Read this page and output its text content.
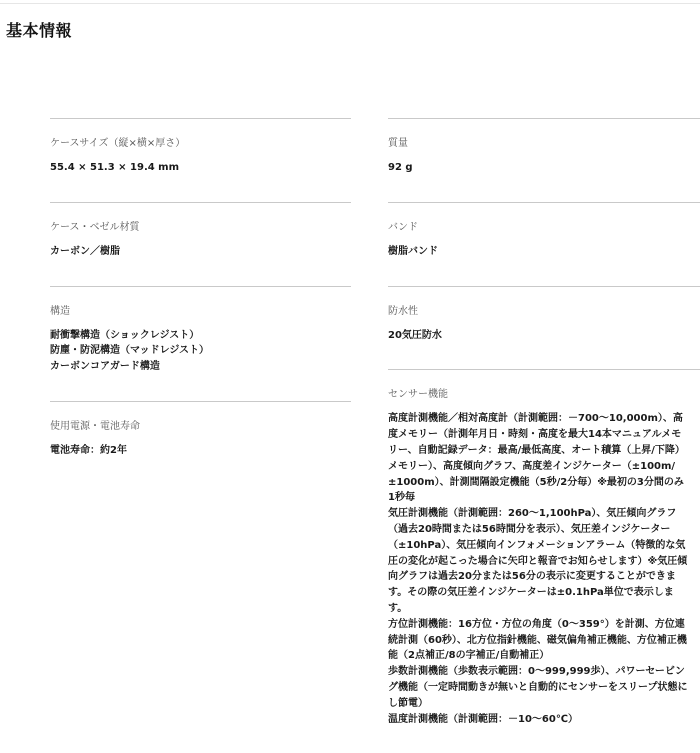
基本情報
ケースサイズ（縦×横×厚さ）
55.4 × 51.3 × 19.4 mm
ケース・ベゼル材質
カーボン／樹脂
構造
耐衝撃構造（ショックレジスト）
防塵・防泥構造（マッドレジスト）
カーボンコアガード構造
使用電源・電池寿命
電池寿命：約2年
質量
92 g
バンド
樹脂バンド
防水性
20気圧防水
センサー機能
高度計測機能／相対高度計（計測範囲：－700～10,000m）、高度メモリー（計測年月日・時刻・高度を最大14本マニュアルメモリー、自動記録データ：最高/最低高度、オート積算（上昇/下降）メモリー）、高度傾向グラフ、高度差インジケーター（±100m/±1000m）、計測間隔設定機能（5秒/2分毎）※最初の3分間のみ1秒毎
気圧計測機能（計測範囲：260～1,100hPa）、気圧傾向グラフ（過去20時間または56時間分を表示）、気圧差インジケーター（±10hPa）、気圧傾向インフォメーションアラーム（特徴的な気圧の変化が起こった場合に矢印と報音でお知らせします）※気圧傾向グラフは過去20分または56分の表示に変更することができます。その際の気圧差インジケーターは±0.1hPa単位で表示します。
方位計測機能：16方位・方位の角度（0～359°）を計測、方位連続計測（60秒）、北方位指針機能、磁気偏角補正機能、方位補正機能（2点補正/8の字補正/自動補正）
歩数計測機能（歩数表示範囲：0～999,999歩）、パワーセービング機能（一定時間動きが無いと自動的にセンサーをスリープ状態にし節電）
温度計測機能（計測範囲：－10～60℃）
